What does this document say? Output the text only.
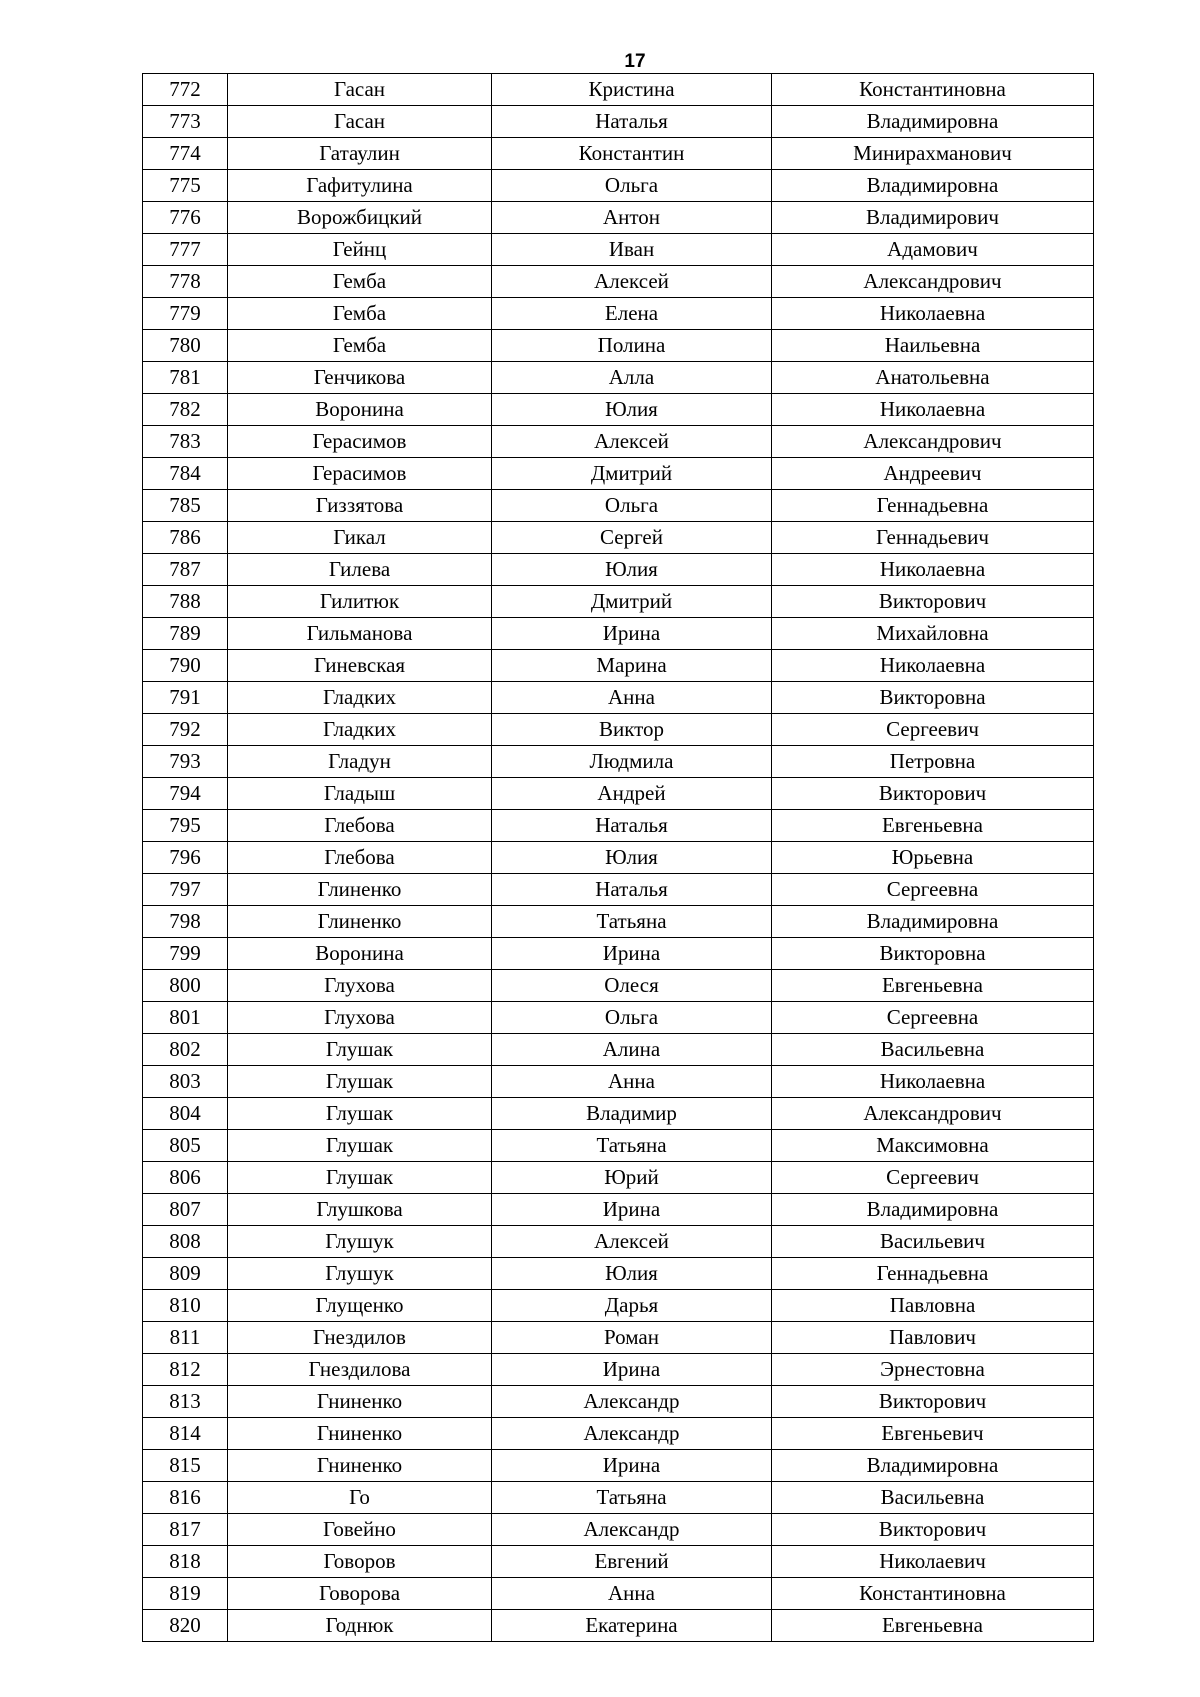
17
772	Гасан	Кристина	Константиновна
773	Гасан	Наталья	Владимировна
774	Гатаулин	Константин	Минирахманович
775	Гафитулина	Ольга	Владимировна
776	Ворожбицкий	Антон	Владимирович
777	Гейнц	Иван	Адамович
778	Гемба	Алексей	Александрович
779	Гемба	Елена	Николаевна
780	Гемба	Полина	Наильевна
781	Генчикова	Алла	Анатольевна
782	Воронина	Юлия	Николаевна
783	Герасимов	Алексей	Александрович
784	Герасимов	Дмитрий	Андреевич
785	Гиззятова	Ольга	Геннадьевна
786	Гикал	Сергей	Геннадьевич
787	Гилева	Юлия	Николаевна
788	Гилитюк	Дмитрий	Викторович
789	Гильманова	Ирина	Михайловна
790	Гиневская	Марина	Николаевна
791	Гладких	Анна	Викторовна
792	Гладких	Виктор	Сергеевич
793	Гладун	Людмила	Петровна
794	Гладыш	Андрей	Викторович
795	Глебова	Наталья	Евгеньевна
796	Глебова	Юлия	Юрьевна
797	Глиненко	Наталья	Сергеевна
798	Глиненко	Татьяна	Владимировна
799	Воронина	Ирина	Викторовна
800	Глухова	Олеся	Евгеньевна
801	Глухова	Ольга	Сергеевна
802	Глушак	Алина	Васильевна
803	Глушак	Анна	Николаевна
804	Глушак	Владимир	Александрович
805	Глушак	Татьяна	Максимовна
806	Глушак	Юрий	Сергеевич
807	Глушкова	Ирина	Владимировна
808	Глушук	Алексей	Васильевич
809	Глушук	Юлия	Геннадьевна
810	Глущенко	Дарья	Павловна
811	Гнездилов	Роман	Павлович
812	Гнездилова	Ирина	Эрнестовна
813	Гниненко	Александр	Викторович
814	Гниненко	Александр	Евгеньевич
815	Гниненко	Ирина	Владимировна
816	Го	Татьяна	Васильевна
817	Говейно	Александр	Викторович
818	Говоров	Евгений	Николаевич
819	Говорова	Анна	Константиновна
820	Годнюк	Екатерина	Евгеньевна
